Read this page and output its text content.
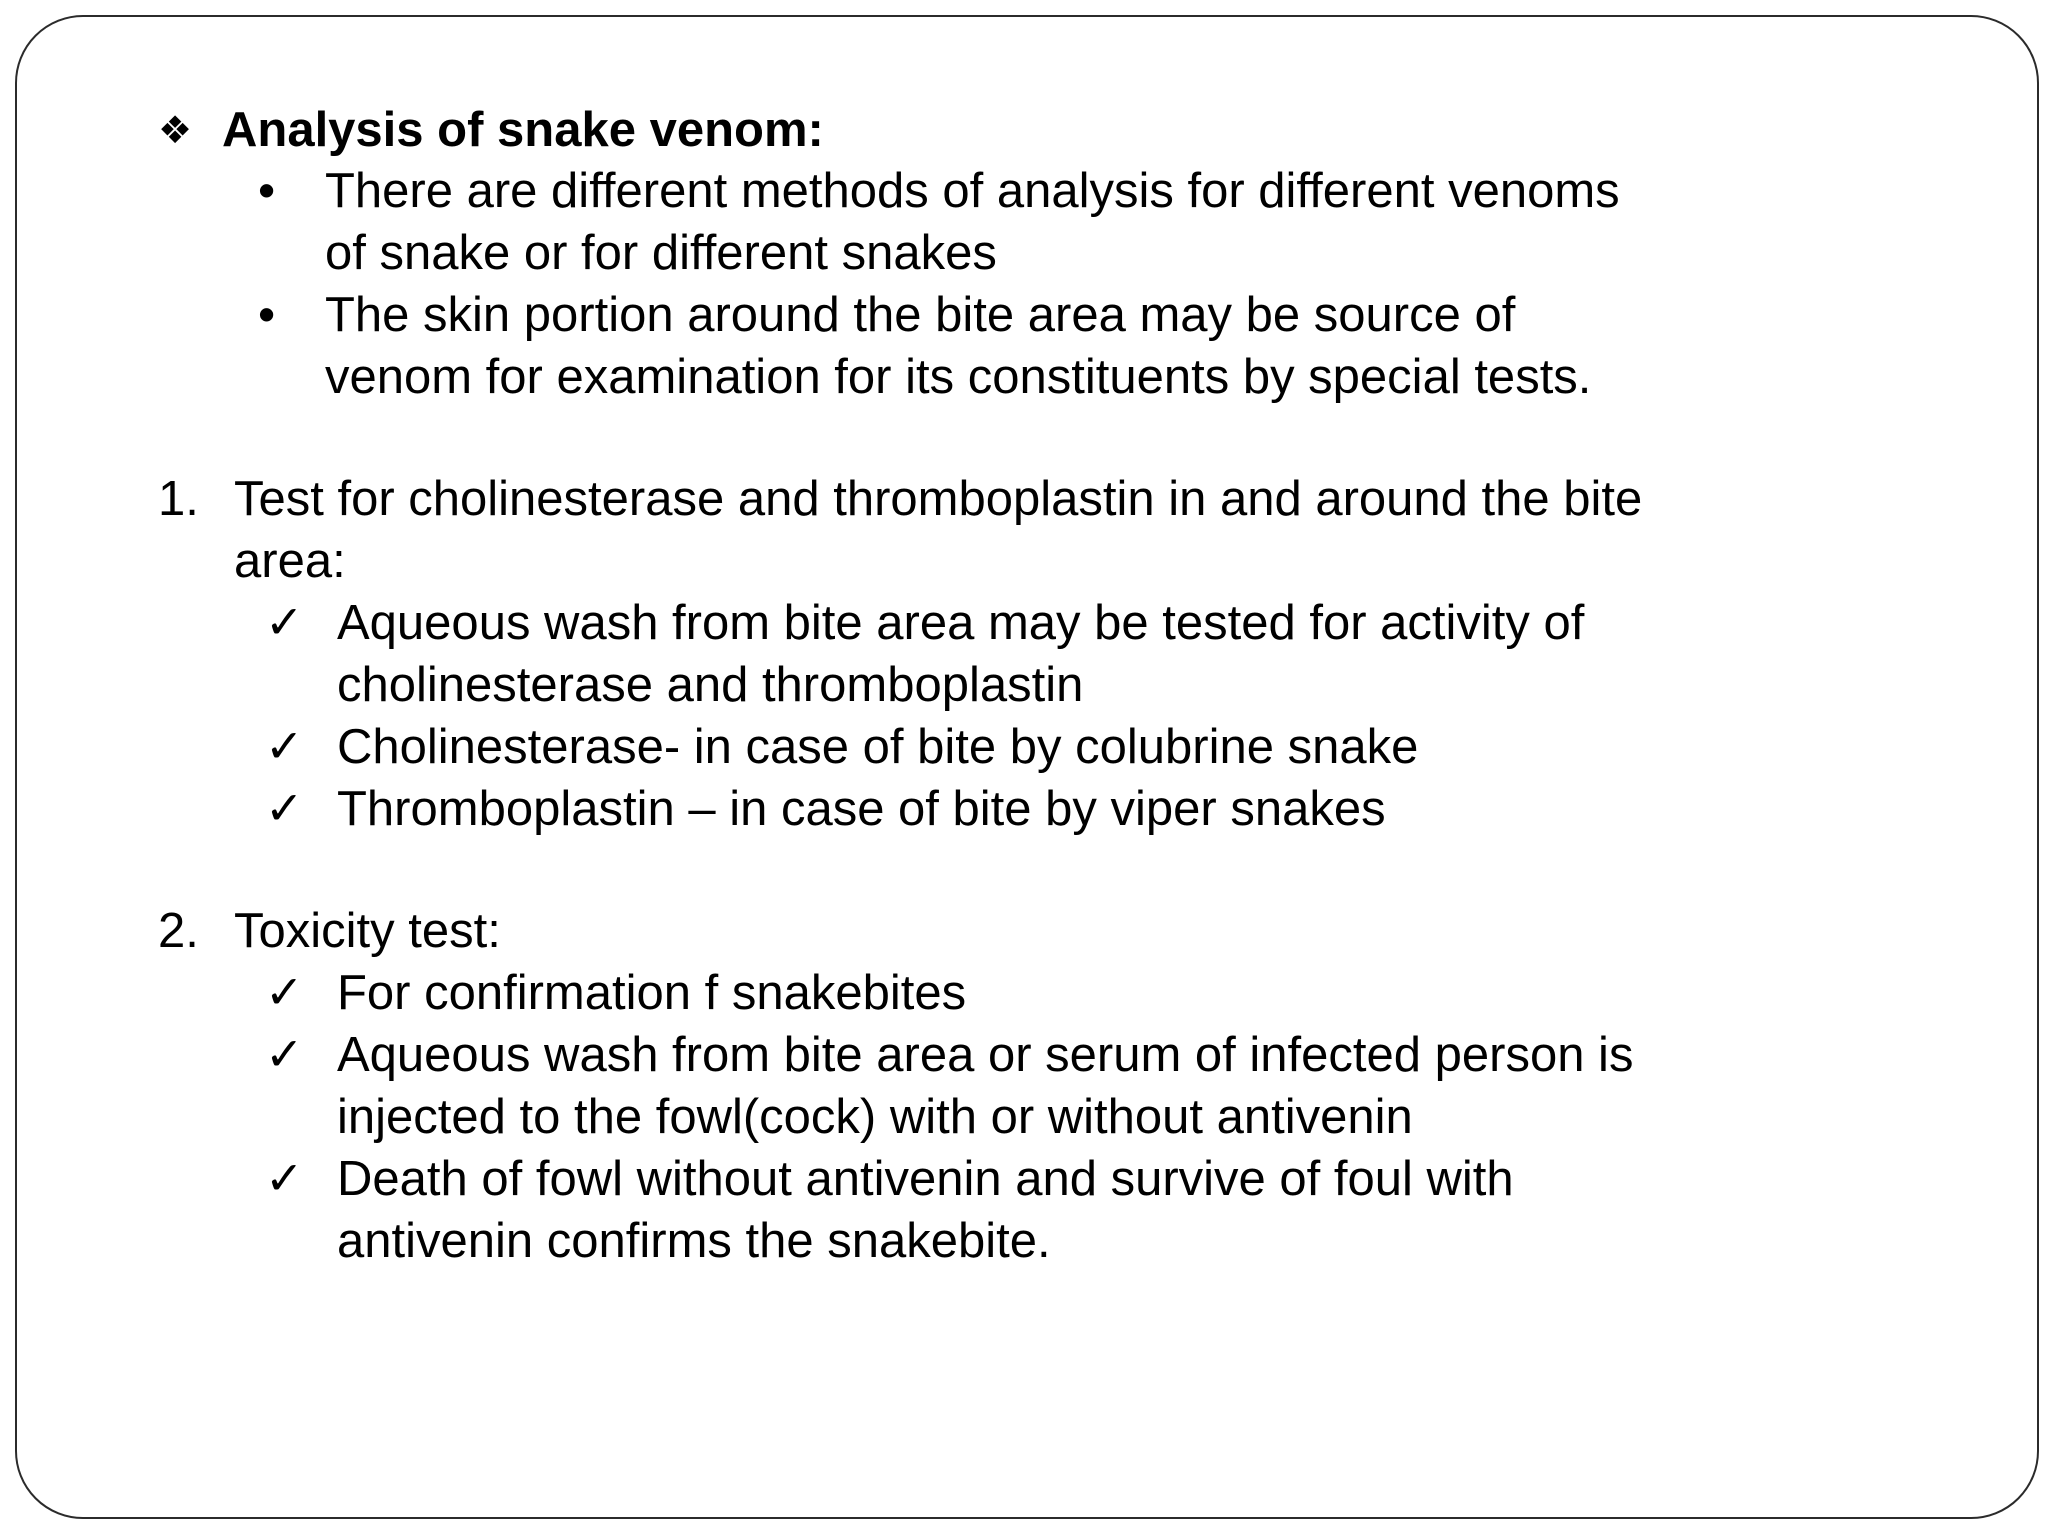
❖ Analysis of snake venom:
• There are different methods of analysis for different venoms
of snake or for different snakes
• The skin portion around the bite area may be source of
venom for examination for its constituents by special tests.
1. Test for cholinesterase and thromboplastin in and around the bite
area:
✓ Aqueous wash from bite area may be tested for activity of
cholinesterase and thromboplastin
✓ Cholinesterase- in case of bite by colubrine snake
✓ Thromboplastin – in case of bite by viper snakes
2. Toxicity test:
✓ For confirmation f snakebites
✓ Aqueous wash from bite area or serum of infected person is
injected to the fowl(cock) with or without antivenin
✓ Death of fowl without antivenin and survive of foul with
antivenin confirms the snakebite.
